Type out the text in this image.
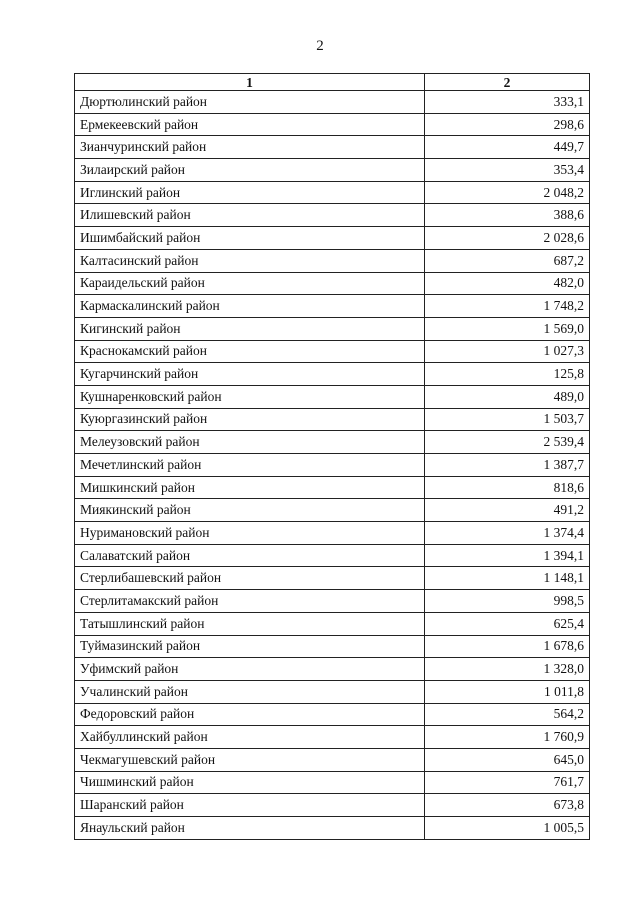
2
1	2
Дюртюлинский район	333,1
Ермекеевский район	298,6
Зианчуринский район	449,7
Зилаирский район	353,4
Иглинский район	2 048,2
Илишевский район	388,6
Ишимбайский район	2 028,6
Калтасинский район	687,2
Караидельский район	482,0
Кармаскалинский район	1 748,2
Кигинский район	1 569,0
Краснокамский район	1 027,3
Кугарчинский район	125,8
Кушнаренковский район	489,0
Куюргазинский район	1 503,7
Мелеузовский район	2 539,4
Мечетлинский район	1 387,7
Мишкинский район	818,6
Миякинский район	491,2
Нуримановский район	1 374,4
Салаватский район	1 394,1
Стерлибашевский район	1 148,1
Стерлитамакский район	998,5
Татышлинский район	625,4
Туймазинский район	1 678,6
Уфимский район	1 328,0
Учалинский район	1 011,8
Федоровский район	564,2
Хайбуллинский район	1 760,9
Чекмагушевский район	645,0
Чишминский район	761,7
Шаранский район	673,8
Янаульский район	1 005,5
